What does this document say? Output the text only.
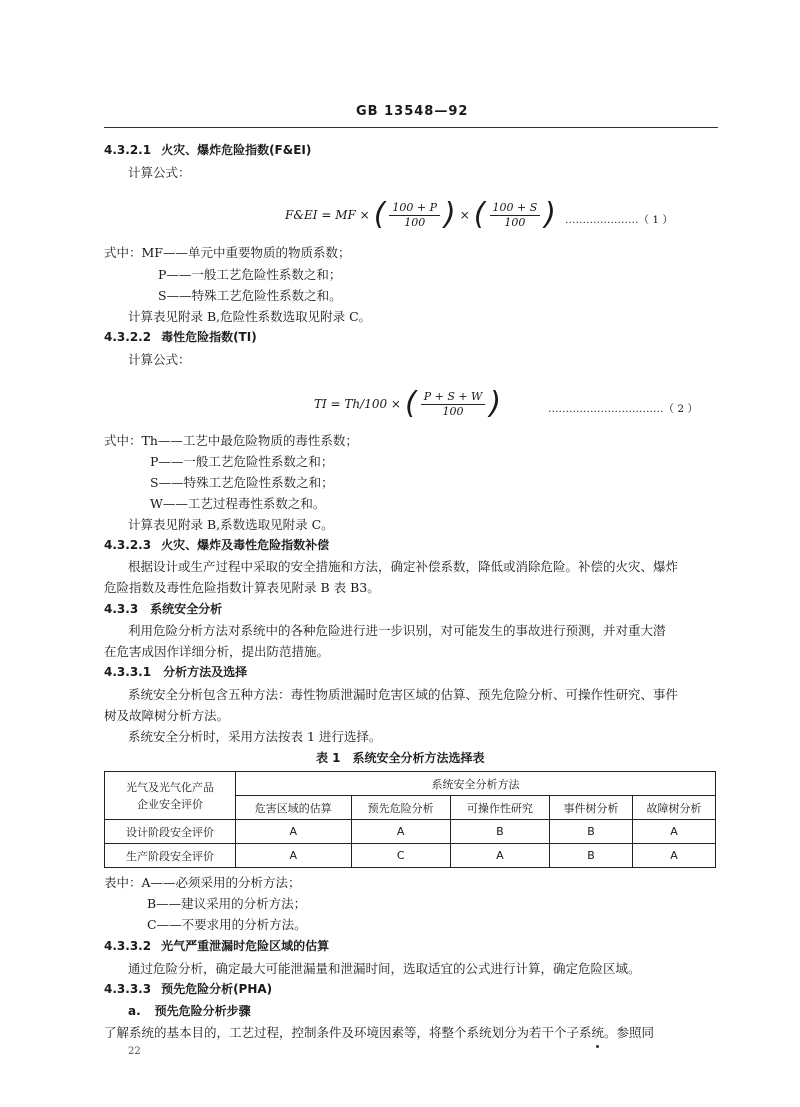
GB 13548—92
4.3.2.1 火灾、爆炸危险指数(F&EI)
计算公式：
F&EI = MF × ( $\frac{100 + P}{100}$ ) × ( $\frac{100 + S}{100}$ ) …………………（ 1 ）
式中：MF——单元中重要物质的物质系数；
P——一般工艺危险性系数之和；
S——特殊工艺危险性系数之和。
计算表见附录 B,危险性系数选取见附录 C。
4.3.2.2 毒性危险指数(TI)
计算公式：
TI = Th/100 × ( $\frac{P + S + W}{100}$ )	……………………………（ 2 ）
式中：Th——工艺中最危险物质的毒性系数；
P——一般工艺危险性系数之和；
S——特殊工艺危险性系数之和；
W——工艺过程毒性系数之和。
计算表见附录 B,系数选取见附录 C。
4.3.2.3 火灾、爆炸及毒性危险指数补偿
根据设计或生产过程中采取的安全措施和方法，确定补偿系数，降低或消除危险。补偿的火灾、爆炸
危险指数及毒性危险指数计算表见附录 B 表 B3。
4.3.3 系统安全分析
利用危险分析方法对系统中的各种危险进行进一步识别，对可能发生的事故进行预测，并对重大潜
在危害成因作详细分析，提出防范措施。
4.3.3.1 分析方法及选择
系统安全分析包含五种方法：毒性物质泄漏时危害区域的估算、预先危险分析、可操作性研究、事件
树及故障树分析方法。
系统安全分析时，采用方法按表 1 进行选择。
表 1　系统安全分析方法选择表
光气及光气化产品
企业安全评价	系统安全分析方法				
	危害区域的估算	预先危险分析	可操作性研究	事件树分析	故障树分析
设计阶段安全评价	A	A	B	B	A
生产阶段安全评价	A	C	A	B	A
表中：A——必须采用的分析方法；
B——建议采用的分析方法；
C——不要求用的分析方法。
4.3.3.2 光气严重泄漏时危险区域的估算
通过危险分析，确定最大可能泄漏量和泄漏时间，选取适宜的公式进行计算，确定危险区域。
4.3.3.3 预先危险分析(PHA)
a. 预先危险分析步骤
了解系统的基本目的，工艺过程，控制条件及环境因素等，将整个系统划分为若干个子系统。参照同
22
